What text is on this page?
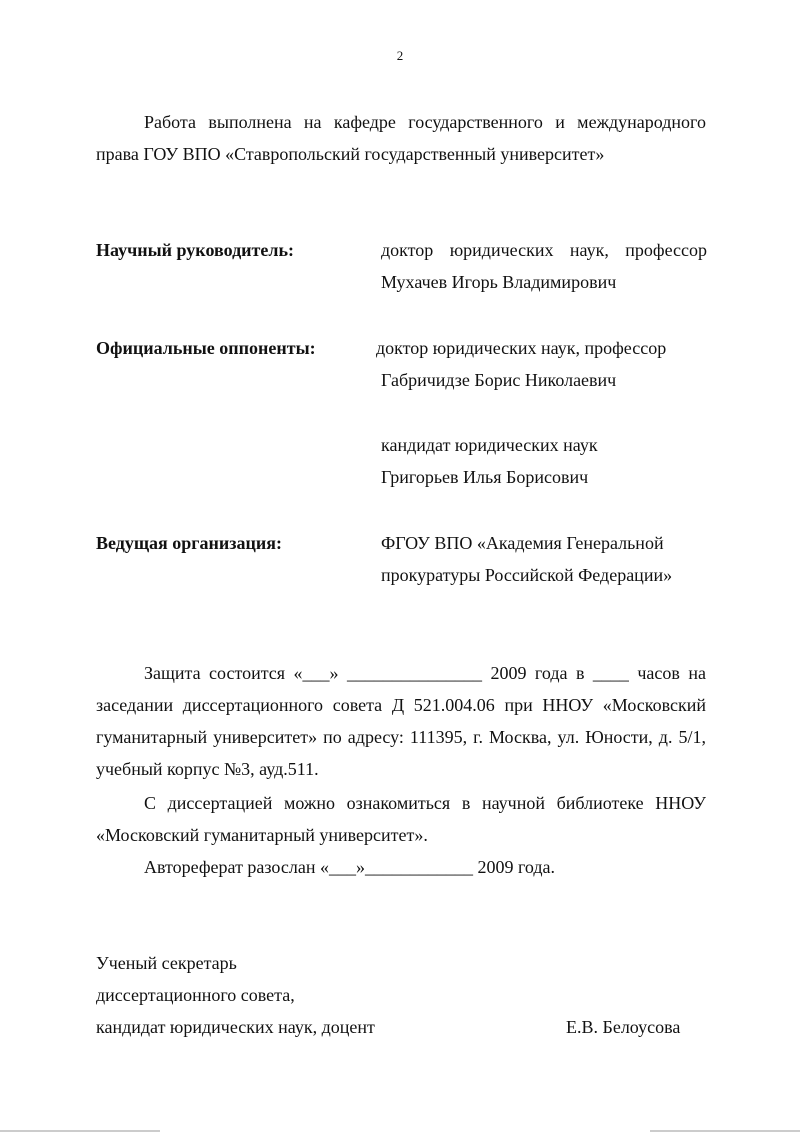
2
Работа выполнена на кафедре государственного и международного права ГОУ ВПО «Ставропольский государственный университет»
Научный руководитель:	доктор юридических наук, профессор
Мухачев Игорь Владимирович
Официальные оппоненты:	доктор юридических наук, профессор
Габричидзе Борис Николаевич
кандидат юридических наук
Григорьев Илья Борисович
Ведущая организация:	ФГОУ ВПО «Академия Генеральной
прокуратуры Российской Федерации»
Защита состоится «___» _______________ 2009 года в ____ часов на заседании диссертационного совета Д 521.004.06 при ННОУ «Московский гуманитарный университет» по адресу: 111395, г. Москва, ул. Юности, д. 5/1, учебный корпус №3, ауд.511.
С диссертацией можно ознакомиться в научной библиотеке ННОУ «Московский гуманитарный университет».
Автореферат разослан «___»____________ 2009 года.
Ученый секретарь
диссертационного совета,
кандидат юридических наук, доцент	Е.В. Белоусова
